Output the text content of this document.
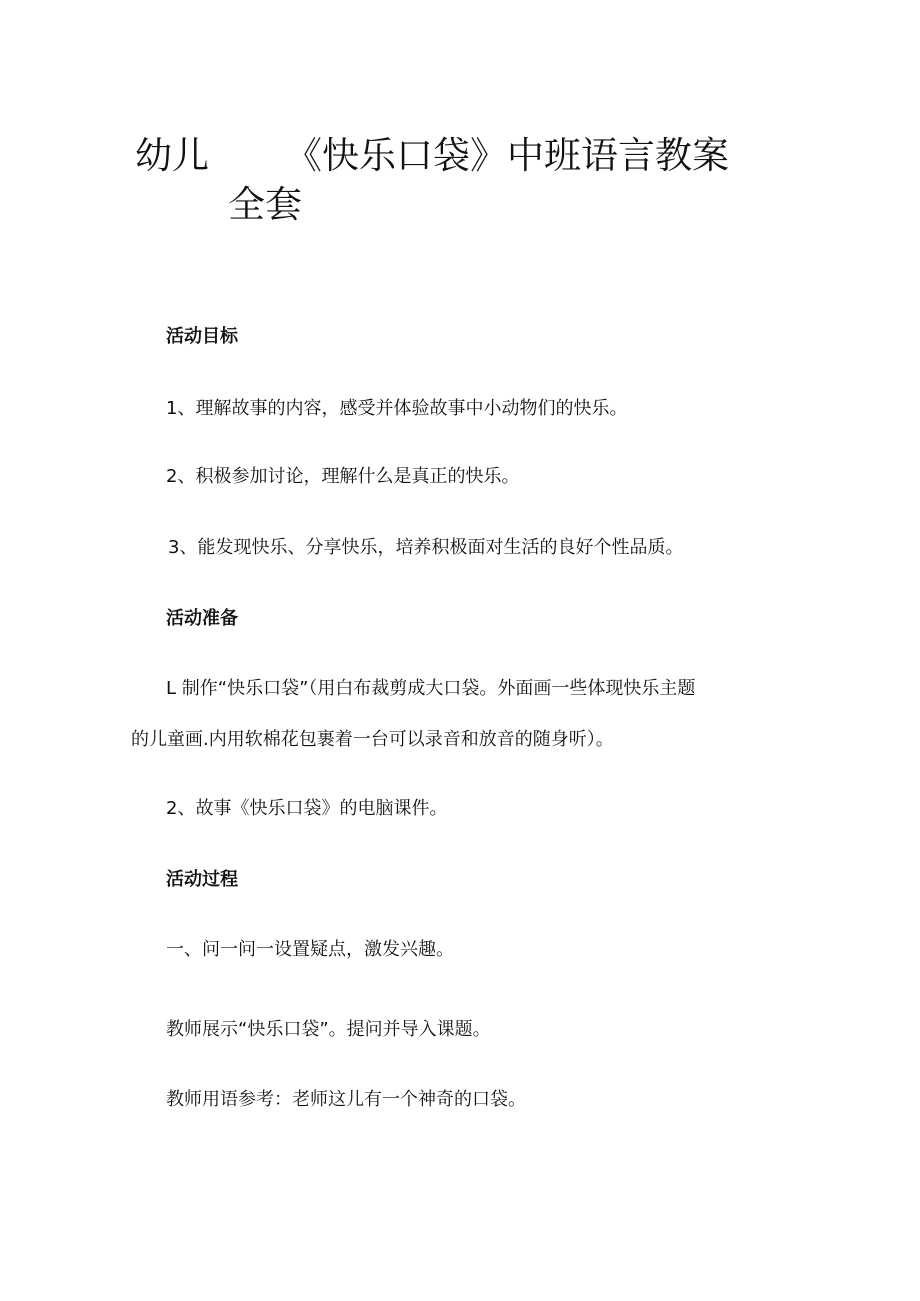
幼儿 《快乐口袋》中班语言教案
全套
活动目标
1、理解故事的内容，感受并体验故事中小动物们的快乐。
2、积极参加讨论，理解什么是真正的快乐。
3、能发现快乐、分享快乐，培养积极面对生活的良好个性品质。
活动准备
L 制作“快乐口袋”（用白布裁剪成大口袋。外面画一些体现快乐主题
的儿童画.内用软棉花包裹着一台可以录音和放音的随身听）。
2、故事《快乐口袋》的电脑课件。
活动过程
一、问一问一设置疑点，激发兴趣。
教师展示“快乐口袋”。提问并导入课题。
教师用语参考：老师这儿有一个神奇的口袋。
